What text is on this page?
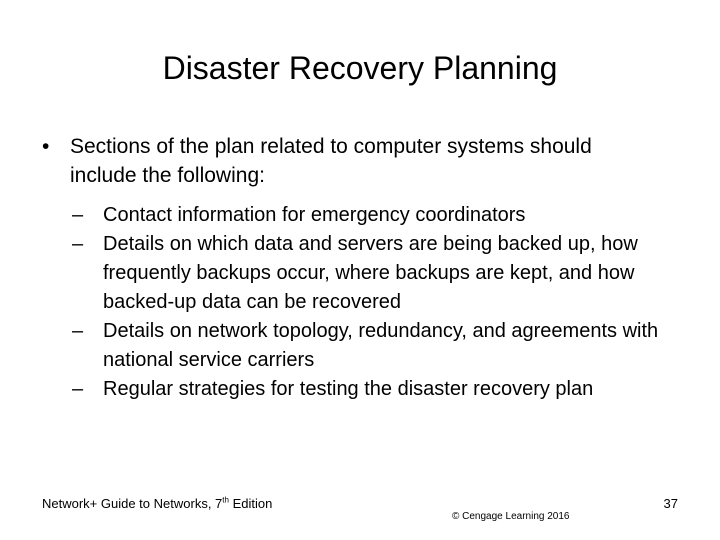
Disaster Recovery Planning
• Sections of the plan related to computer systems should include the following:
– Contact information for emergency coordinators
– Details on which data and servers are being backed up, how frequently backups occur, where backups are kept, and how backed-up data can be recovered
– Details on network topology, redundancy, and agreements with national service carriers
– Regular strategies for testing the disaster recovery plan
Network+ Guide to Networks, 7th Edition
© Cengage Learning 2016
37
